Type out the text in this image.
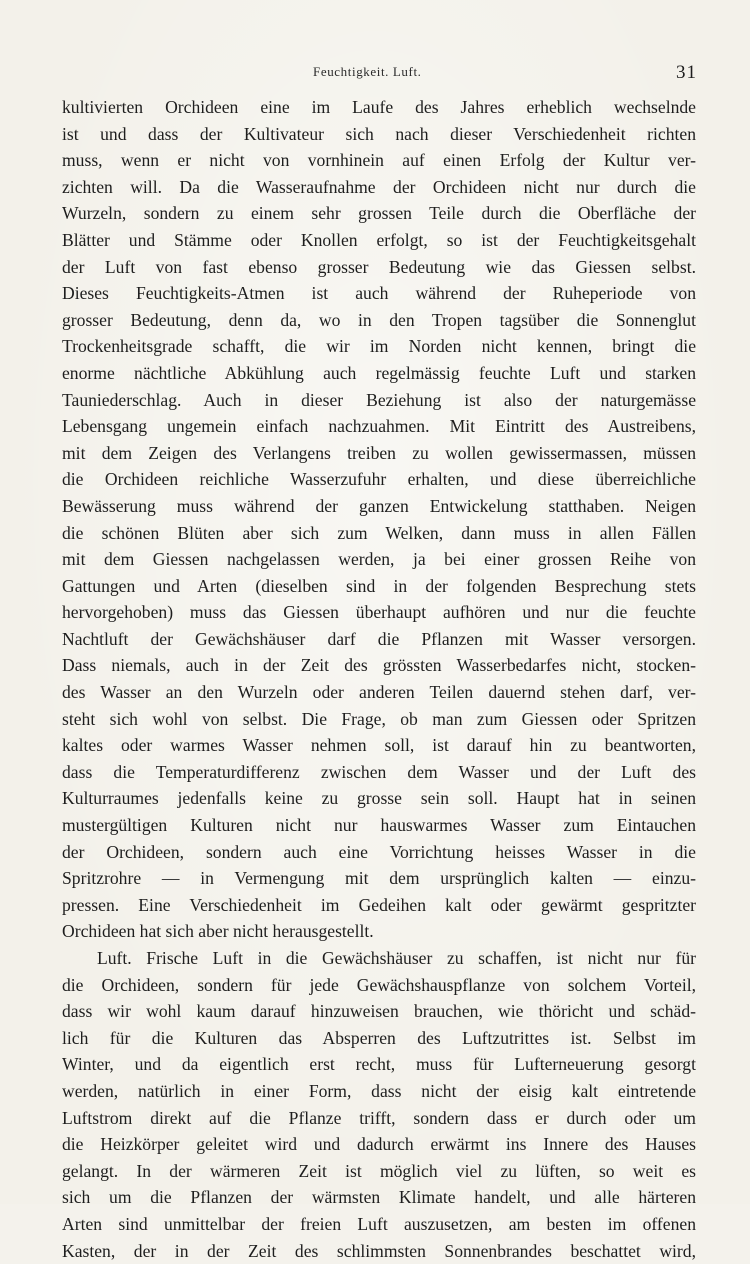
Feuchtigkeit. Luft.	31
kultivierten Orchideen eine im Laufe des Jahres erheblich wechselnde
ist und dass der Kultivateur sich nach dieser Verschiedenheit richten
muss, wenn er nicht von vornhinein auf einen Erfolg der Kultur ver-
zichten will. Da die Wasseraufnahme der Orchideen nicht nur durch die
Wurzeln, sondern zu einem sehr grossen Teile durch die Oberfläche der
Blätter und Stämme oder Knollen erfolgt, so ist der Feuchtigkeitsgehalt
der Luft von fast ebenso grosser Bedeutung wie das Giessen selbst.
Dieses Feuchtigkeits-Atmen ist auch während der Ruheperiode von
grosser Bedeutung, denn da, wo in den Tropen tagsüber die Sonnenglut
Trockenheitsgrade schafft, die wir im Norden nicht kennen, bringt die
enorme nächtliche Abkühlung auch regelmässig feuchte Luft und starken
Tauniederschlag. Auch in dieser Beziehung ist also der naturgemässe
Lebensgang ungemein einfach nachzuahmen. Mit Eintritt des Austreibens,
mit dem Zeigen des Verlangens treiben zu wollen gewissermassen, müssen
die Orchideen reichliche Wasserzufuhr erhalten, und diese überreichliche
Bewässerung muss während der ganzen Entwickelung statthaben. Neigen
die schönen Blüten aber sich zum Welken, dann muss in allen Fällen
mit dem Giessen nachgelassen werden, ja bei einer grossen Reihe von
Gattungen und Arten (dieselben sind in der folgenden Besprechung stets
hervorgehoben) muss das Giessen überhaupt aufhören und nur die feuchte
Nachtluft der Gewächshäuser darf die Pflanzen mit Wasser versorgen.
Dass niemals, auch in der Zeit des grössten Wasserbedarfes nicht, stocken-
des Wasser an den Wurzeln oder anderen Teilen dauernd stehen darf, ver-
steht sich wohl von selbst. Die Frage, ob man zum Giessen oder Spritzen
kaltes oder warmes Wasser nehmen soll, ist darauf hin zu beantworten,
dass die Temperaturdifferenz zwischen dem Wasser und der Luft des
Kulturraumes jedenfalls keine zu grosse sein soll. Haupt hat in seinen
mustergültigen Kulturen nicht nur hauswarmes Wasser zum Eintauchen
der Orchideen, sondern auch eine Vorrichtung heisses Wasser in die
Spritzrohre — in Vermengung mit dem ursprünglich kalten — einzu-
pressen. Eine Verschiedenheit im Gedeihen kalt oder gewärmt gespritzter
Orchideen hat sich aber nicht herausgestellt.
Luft. Frische Luft in die Gewächshäuser zu schaffen, ist nicht nur für
die Orchideen, sondern für jede Gewächshauspflanze von solchem Vorteil,
dass wir wohl kaum darauf hinzuweisen brauchen, wie thöricht und schäd-
lich für die Kulturen das Absperren des Luftzutrittes ist. Selbst im
Winter, und da eigentlich erst recht, muss für Lufterneuerung gesorgt
werden, natürlich in einer Form, dass nicht der eisig kalt eintretende
Luftstrom direkt auf die Pflanze trifft, sondern dass er durch oder um
die Heizkörper geleitet wird und dadurch erwärmt ins Innere des Hauses
gelangt. In der wärmeren Zeit ist möglich viel zu lüften, so weit es
sich um die Pflanzen der wärmsten Klimate handelt, und alle härteren
Arten sind unmittelbar der freien Luft auszusetzen, am besten im offenen
Kasten, der in der Zeit des schlimmsten Sonnenbrandes beschattet wird,
